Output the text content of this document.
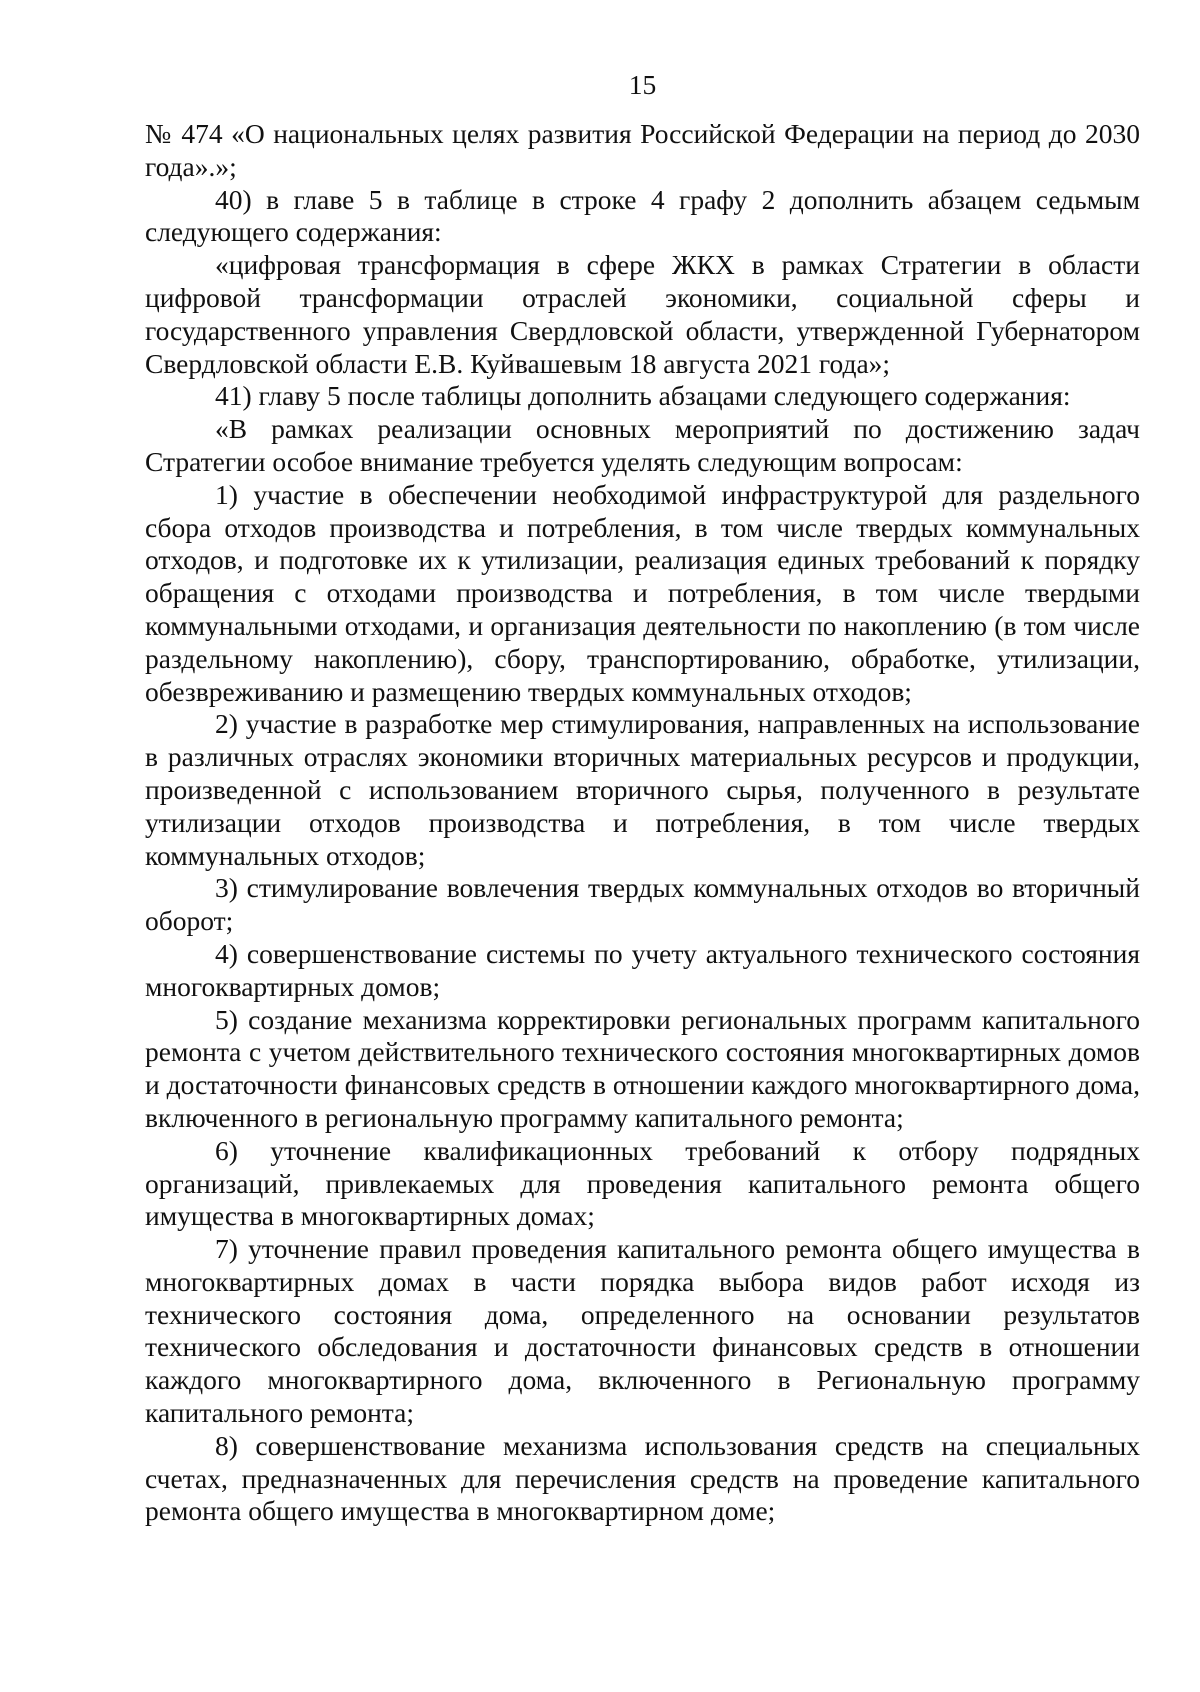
15

№ 474 «О национальных целях развития Российской Федерации на период до 2030 года».»;

40) в главе 5 в таблице в строке 4 графу 2 дополнить абзацем седьмым следующего содержания:

«цифровая трансформация в сфере ЖКХ в рамках Стратегии в области цифровой трансформации отраслей экономики, социальной сферы и государственного управления Свердловской области, утвержденной Губернатором Свердловской области Е.В. Куйвашевым 18 августа 2021 года»;

41) главу 5 после таблицы дополнить абзацами следующего содержания:

«В рамках реализации основных мероприятий по достижению задач Стратегии особое внимание требуется уделять следующим вопросам:

1) участие в обеспечении необходимой инфраструктурой для раздельного сбора отходов производства и потребления, в том числе твердых коммунальных отходов, и подготовке их к утилизации, реализация единых требований к порядку обращения с отходами производства и потребления, в том числе твердыми коммунальными отходами, и организация деятельности по накоплению (в том числе раздельному накоплению), сбору, транспортированию, обработке, утилизации, обезвреживанию и размещению твердых коммунальных отходов;

2) участие в разработке мер стимулирования, направленных на использование в различных отраслях экономики вторичных материальных ресурсов и продукции, произведенной с использованием вторичного сырья, полученного в результате утилизации отходов производства и потребления, в том числе твердых коммунальных отходов;

3) стимулирование вовлечения твердых коммунальных отходов во вторичный оборот;

4) совершенствование системы по учету актуального технического состояния многоквартирных домов;

5) создание механизма корректировки региональных программ капитального ремонта с учетом действительного технического состояния многоквартирных домов и достаточности финансовых средств в отношении каждого многоквартирного дома, включенного в региональную программу капитального ремонта;

6) уточнение квалификационных требований к отбору подрядных организаций, привлекаемых для проведения капитального ремонта общего имущества в многоквартирных домах;

7) уточнение правил проведения капитального ремонта общего имущества в многоквартирных домах в части порядка выбора видов работ исходя из технического состояния дома, определенного на основании результатов технического обследования и достаточности финансовых средств в отношении каждого многоквартирного дома, включенного в Региональную программу капитального ремонта;

8) совершенствование механизма использования средств на специальных счетах, предназначенных для перечисления средств на проведение капитального ремонта общего имущества в многоквартирном доме;
